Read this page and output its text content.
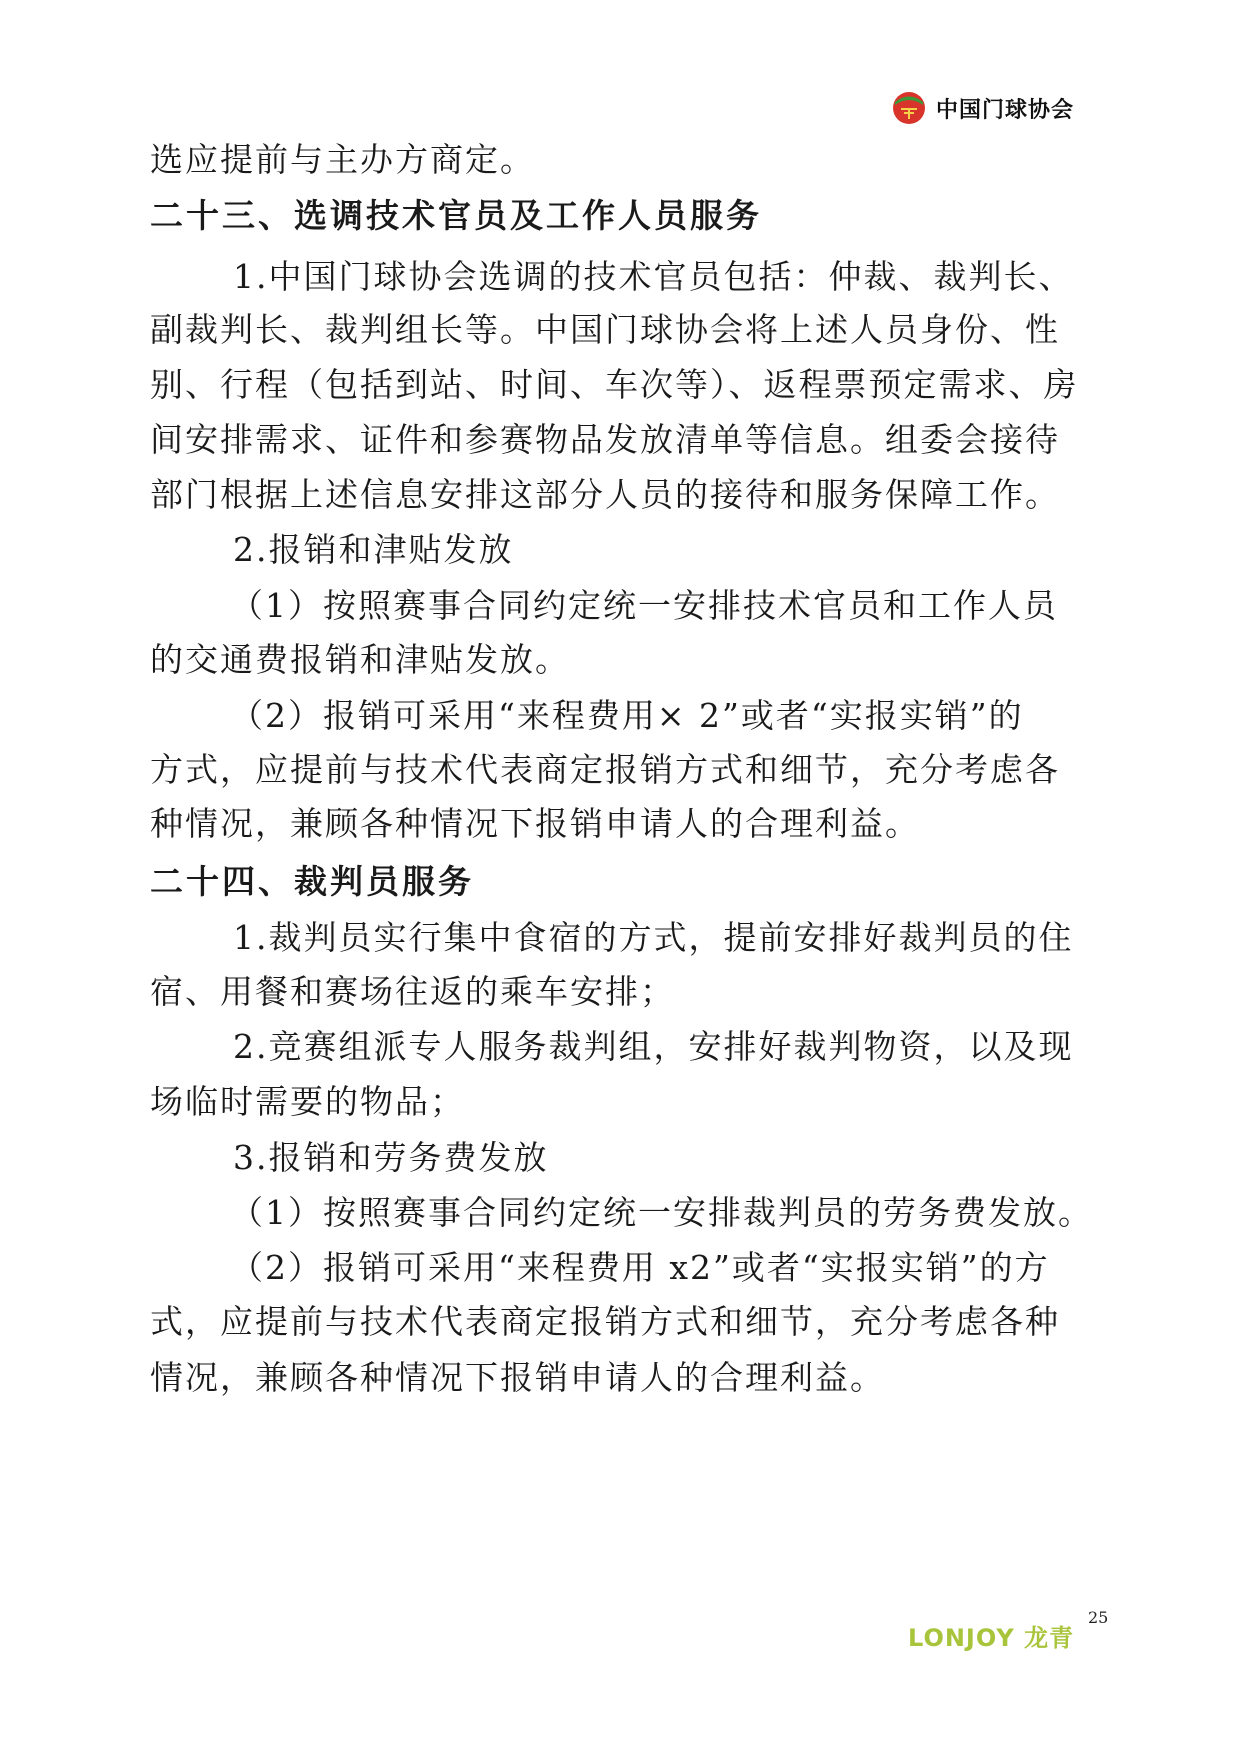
中国门球协会
选应提前与主办方商定。
二十三、选调技术官员及工作人员服务
1.中国门球协会选调的技术官员包括：仲裁、裁判长、
副裁判长、裁判组长等。中国门球协会将上述人员身份、性
别、行程（包括到站、时间、车次等）、返程票预定需求、房
间安排需求、证件和参赛物品发放清单等信息。组委会接待
部门根据上述信息安排这部分人员的接待和服务保障工作。
2.报销和津贴发放
（1）按照赛事合同约定统一安排技术官员和工作人员
的交通费报销和津贴发放。
（2）报销可采用“来程费用× 2”或者“实报实销”的
方式，应提前与技术代表商定报销方式和细节，充分考虑各
种情况，兼顾各种情况下报销申请人的合理利益。
二十四、裁判员服务
1.裁判员实行集中食宿的方式，提前安排好裁判员的住
宿、用餐和赛场往返的乘车安排；
2.竞赛组派专人服务裁判组，安排好裁判物资，以及现
场临时需要的物品；
3.报销和劳务费发放
（1）按照赛事合同约定统一安排裁判员的劳务费发放。
（2）报销可采用“来程费用 x2”或者“实报实销”的方
式，应提前与技术代表商定报销方式和细节，充分考虑各种
情况，兼顾各种情况下报销申请人的合理利益。
LONJOY 龙青
25
